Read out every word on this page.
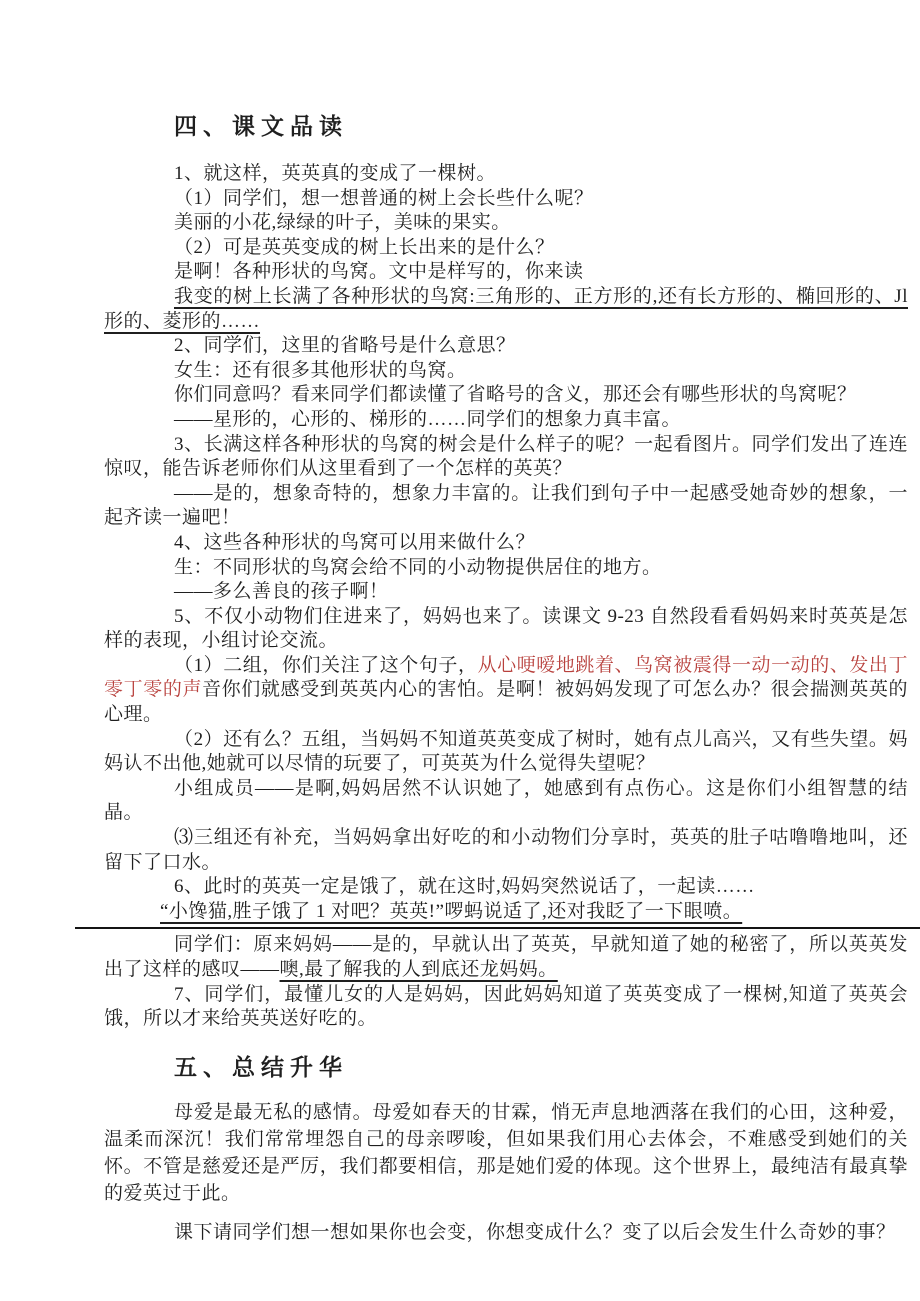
四、课文品读

1、就这样，英英真的变成了一棵树。

（1）同学们，想一想普通的树上会长些什么呢？

美丽的小花,绿绿的叶子，美味的果实。

（2）可是英英变成的树上长出来的是什么？

是啊！各种形状的鸟窝。文中是样写的，你来读

我变的树上长满了各种形状的鸟窝:三角形的、正方形的,还有长方形的、椭回形的、Jl 形的、菱形的……

2、同学们，这里的省略号是什么意思？

女生：还有很多其他形状的鸟窝。

你们同意吗？看来同学们都读懂了省略号的含义，那还会有哪些形状的鸟窝呢？

——星形的，心形的、梯形的……同学们的想象力真丰富。

3、长满这样各种形状的鸟窝的树会是什么样子的呢？一起看图片。同学们发出了连连惊叹，能告诉老师你们从这里看到了一个怎样的英英？

——是的，想象奇特的，想象力丰富的。让我们到句子中一起感受她奇妙的想象，一起齐读一遍吧！

4、这些各种形状的鸟窝可以用来做什么？

生：不同形状的鸟窝会给不同的小动物提供居住的地方。

——多么善良的孩子啊！

5、不仅小动物们住进来了，妈妈也来了。读课文 9-23 自然段看看妈妈来时英英是怎样的表现，小组讨论交流。

（1）二组，你们关注了这个句子，从心哽嗳地跳着、鸟窝被震得一动一动的、发出丁零丁零的声音你们就感受到英英内心的害怕。是啊！被妈妈发现了可怎么办？很会揣测英英的心理。

（2）还有么？五组，当妈妈不知道英英变成了树时，她有点儿高兴，又有些失望。妈妈认不出他,她就可以尽情的玩要了，可英英为什么觉得失望呢？

小组成员——是啊,妈妈居然不认识她了，她感到有点伤心。这是你们小组智慧的结晶。

⑶三组还有补充，当妈妈拿出好吃的和小动物们分享时，英英的肚子咕噜噜地叫，还留下了口水。

6、此时的英英一定是饿了，就在这时,妈妈突然说话了，一起读……

“小馋猫,胜子饿了 1 对吧？英英!”啰蚂说适了,还对我眨了一下眼喷。

同学们：原来妈妈——是的，早就认出了英英，早就知道了她的秘密了，所以英英发出了这样的感叹——噢,最了解我的人到底还龙妈妈。

7、同学们，最懂儿女的人是妈妈，因此妈妈知道了英英变成了一棵树,知道了英英会饿，所以才来给英英送好吃的。

五、总结升华

母爱是最无私的感情。母爱如春天的甘霖，悄无声息地洒落在我们的心田，这种爱，温柔而深沉！我们常常埋怨自己的母亲啰唆，但如果我们用心去体会，不难感受到她们的关怀。不管是慈爱还是严厉，我们都要相信，那是她们爱的体现。这个世界上，最纯洁有最真挚的爱英过于此。

课下请同学们想一想如果你也会变，你想变成什么？变了以后会发生什么奇妙的事？
